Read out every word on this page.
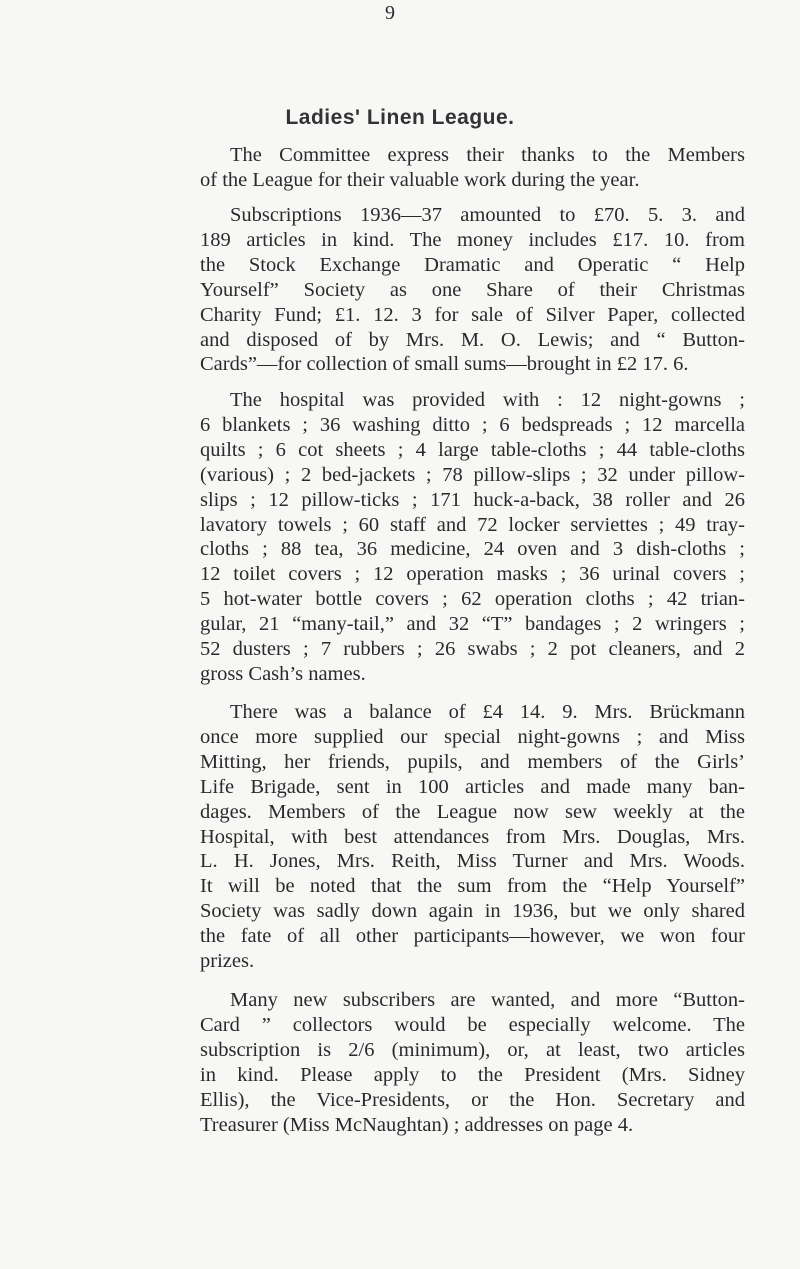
9
Ladies' Linen League.
The Committee express their thanks to the Members
of the League for their valuable work during the year.
Subscriptions 1936—37 amounted to £70. 5. 3. and
189 articles in kind. The money includes £17. 10. from
the Stock Exchange Dramatic and Operatic “ Help
Yourself” Society as one Share of their Christmas
Charity Fund; £1. 12. 3 for sale of Silver Paper, collected
and disposed of by Mrs. M. O. Lewis; and “ Button-
Cards”—for collection of small sums—brought in £2 17. 6.
The hospital was provided with : 12 night-gowns ;
6 blankets ; 36 washing ditto ; 6 bedspreads ; 12 marcella
quilts ; 6 cot sheets ; 4 large table-cloths ; 44 table-cloths
(various) ; 2 bed-jackets ; 78 pillow-slips ; 32 under pillow-
slips ; 12 pillow-ticks ; 171 huck-a-back, 38 roller and 26
lavatory towels ; 60 staff and 72 locker serviettes ; 49 tray-
cloths ; 88 tea, 36 medicine, 24 oven and 3 dish-cloths ;
12 toilet covers ; 12 operation masks ; 36 urinal covers ;
5 hot-water bottle covers ; 62 operation cloths ; 42 trian-
gular, 21 “many-tail,” and 32 “T” bandages ; 2 wringers ;
52 dusters ; 7 rubbers ; 26 swabs ; 2 pot cleaners, and 2
gross Cash’s names.
There was a balance of £4 14. 9. Mrs. Brückmann
once more supplied our special night-gowns ; and Miss
Mitting, her friends, pupils, and members of the Girls’
Life Brigade, sent in 100 articles and made many ban-
dages. Members of the League now sew weekly at the
Hospital, with best attendances from Mrs. Douglas, Mrs.
L. H. Jones, Mrs. Reith, Miss Turner and Mrs. Woods.
It will be noted that the sum from the “Help Yourself”
Society was sadly down again in 1936, but we only shared
the fate of all other participants—however, we won four
prizes.
Many new subscribers are wanted, and more “Button-
Card ” collectors would be especially welcome. The
subscription is 2/6 (minimum), or, at least, two articles
in kind. Please apply to the President (Mrs. Sidney
Ellis), the Vice-Presidents, or the Hon. Secretary and
Treasurer (Miss McNaughtan) ; addresses on page 4.
